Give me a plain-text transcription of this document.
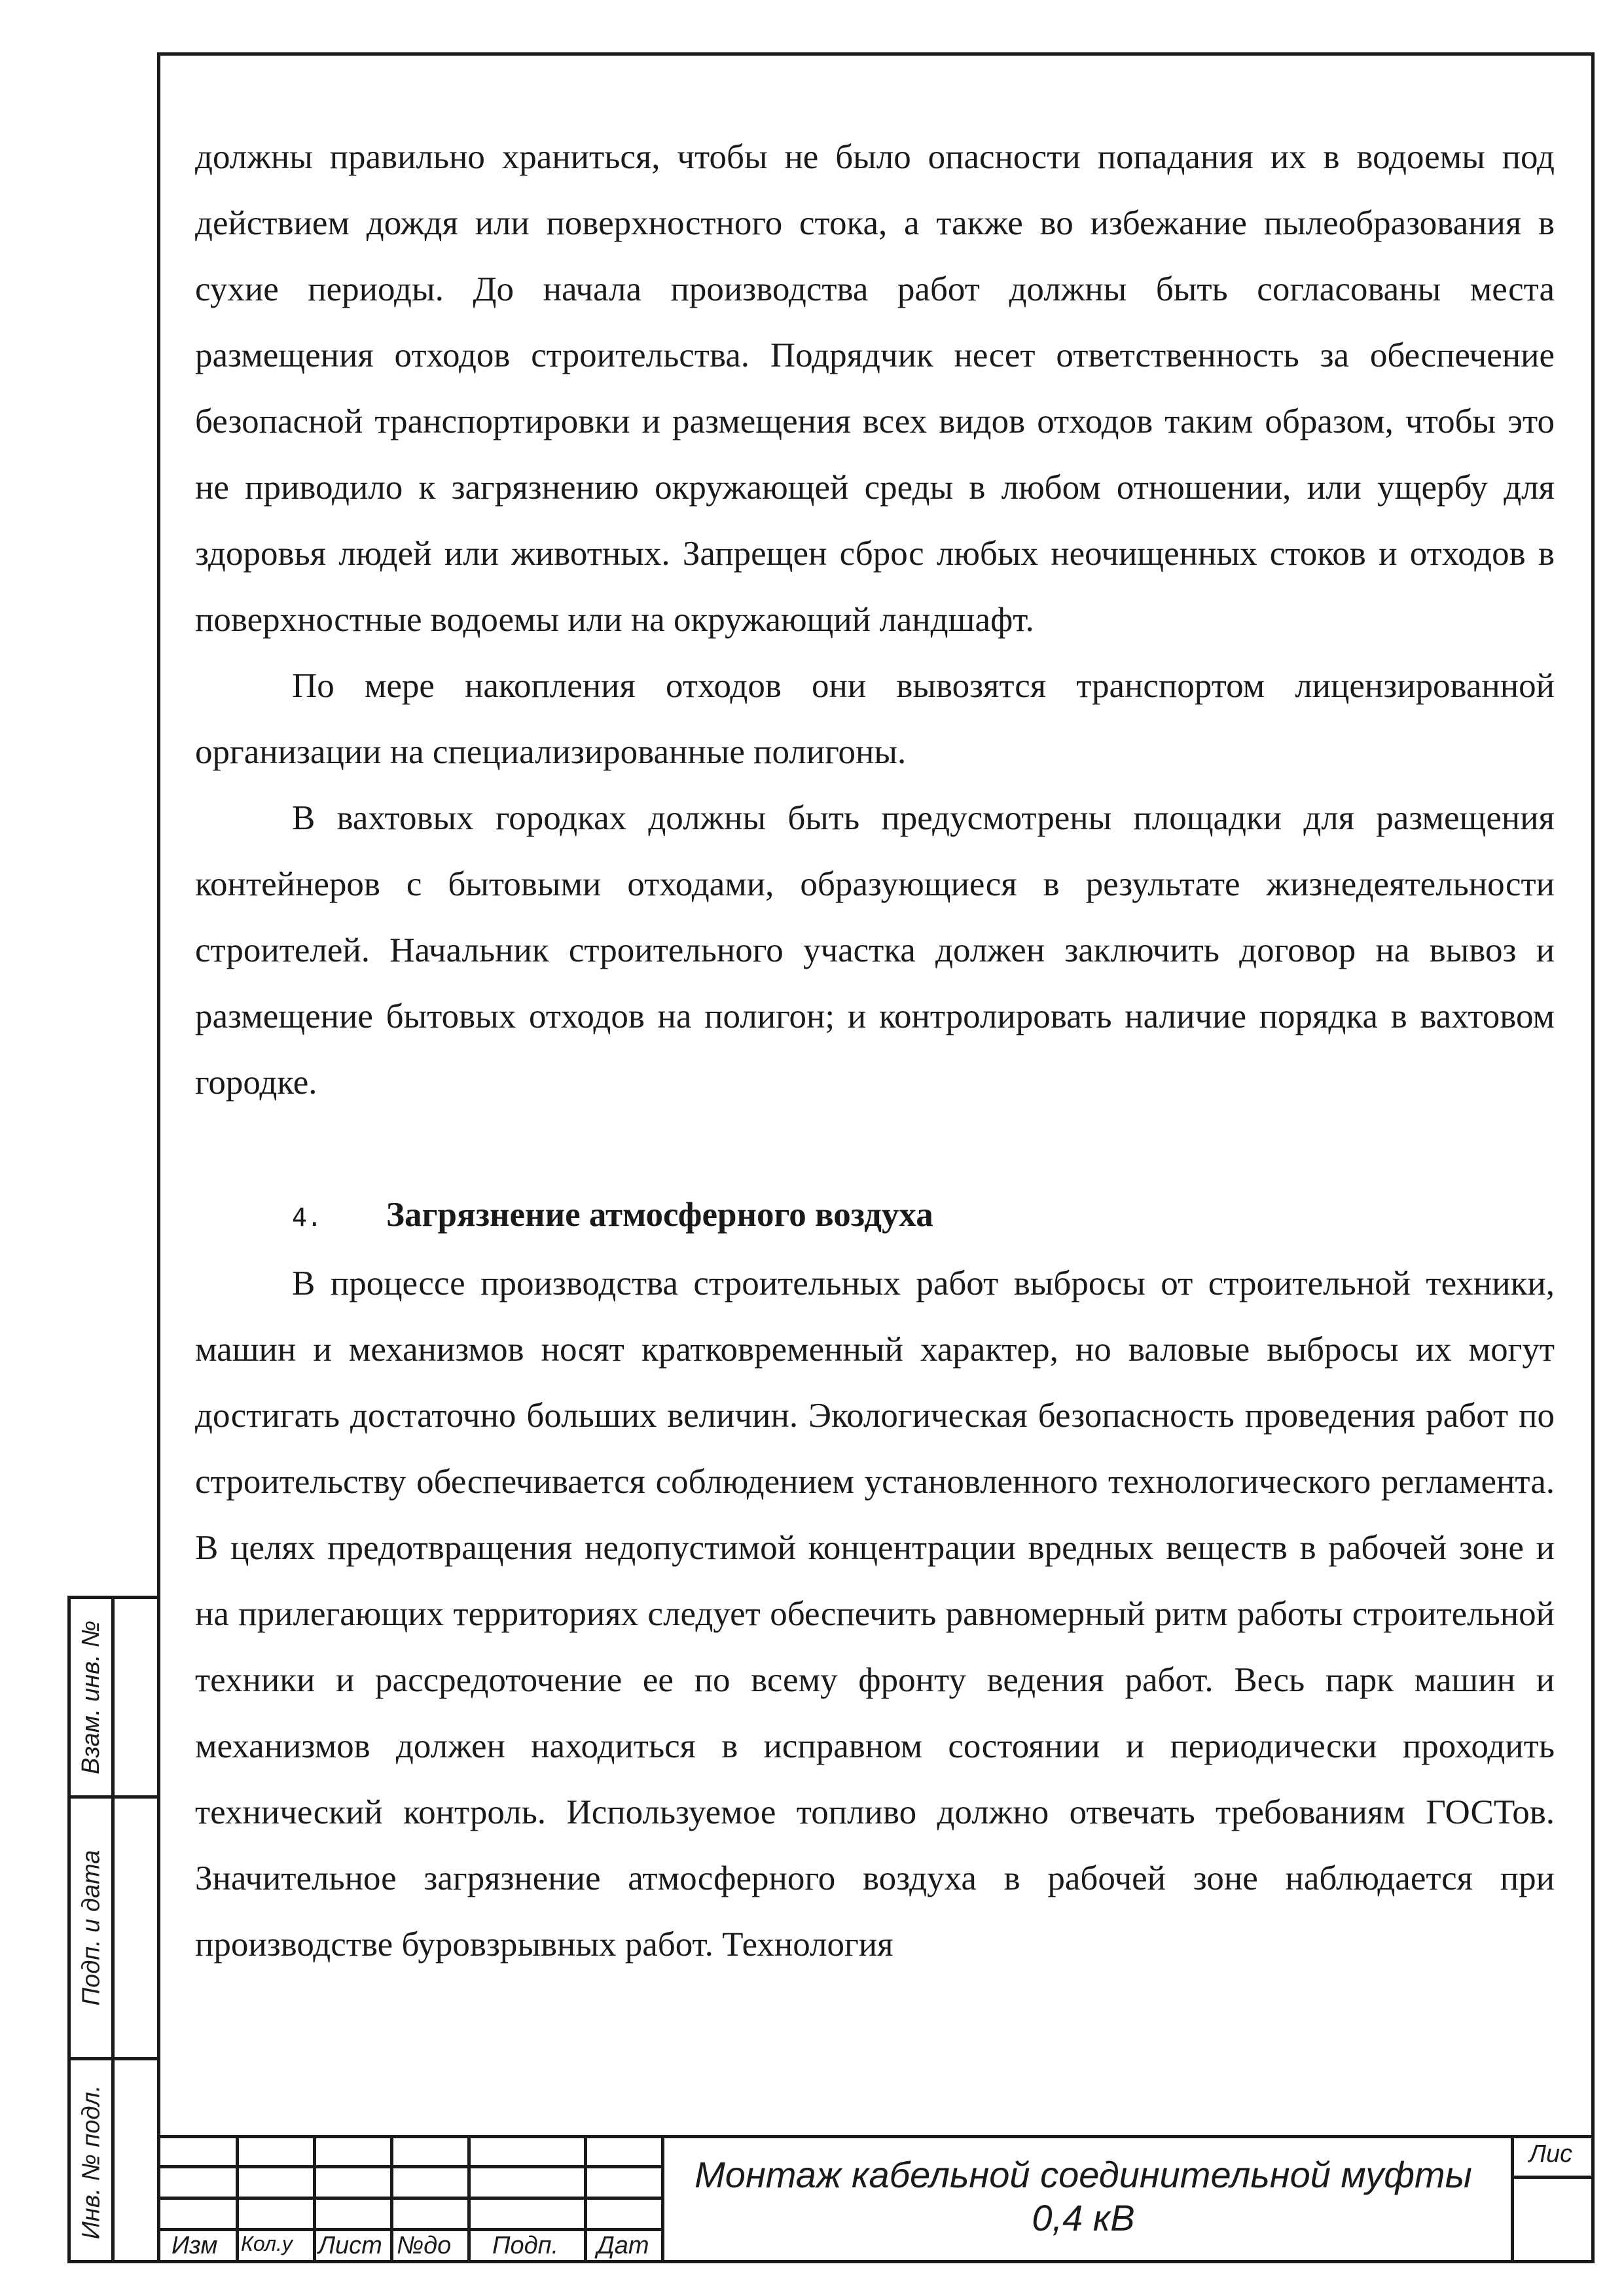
должны правильно храниться, чтобы не было опасности попадания их в водоемы под действием дождя или поверхностного стока, а также во избежание пылеобразования в сухие периоды. До начала производства работ должны быть согласованы места размещения отходов строительства. Подрядчик несет ответственность за обеспечение безопасной транспортировки и размещения всех видов отходов таким образом, чтобы это не приводило к загрязнению окружающей среды в любом отношении, или ущербу для здоровья людей или животных. Запрещен сброс любых неочищенных стоков и отходов в поверхностные водоемы или на окружающий ландшафт.

По мере накопления отходов они вывозятся транспортом лицензированной организации на специализированные полигоны.

В вахтовых городках должны быть предусмотрены площадки для размещения контейнеров с бытовыми отходами, образующиеся в результате жизнедеятельности строителей. Начальник строительного участка должен заключить договор на вывоз и размещение бытовых отходов на полигон; и контролировать наличие порядка в вахтовом городке.

4. Загрязнение атмосферного воздуха

В процессе производства строительных работ выбросы от строительной техники, машин и механизмов носят кратковременный характер, но валовые выбросы их могут достигать достаточно больших величин. Экологическая безопасность проведения работ по строительству обеспечивается соблюдением установленного технологического регламента. В целях предотвращения недопустимой концентрации вредных веществ в рабочей зоне и на прилегающих территориях следует обеспечить равномерный ритм работы строительной техники и рассредоточение ее по всему фронту ведения работ. Весь парк машин и механизмов должен находиться в исправном состоянии и периодически проходить технический контроль. Используемое топливо должно отвечать требованиям ГОСТов. Значительное загрязнение атмосферного воздуха в рабочей зоне наблюдается при производстве буровзрывных работ. Технология

Взам. инв. №
Подп. и дата
Инв. № подл.
Изм Кол.у Лист №до Подп. Дат
Монтаж кабельной соединительной муфты
0,4 кВ
Лис
